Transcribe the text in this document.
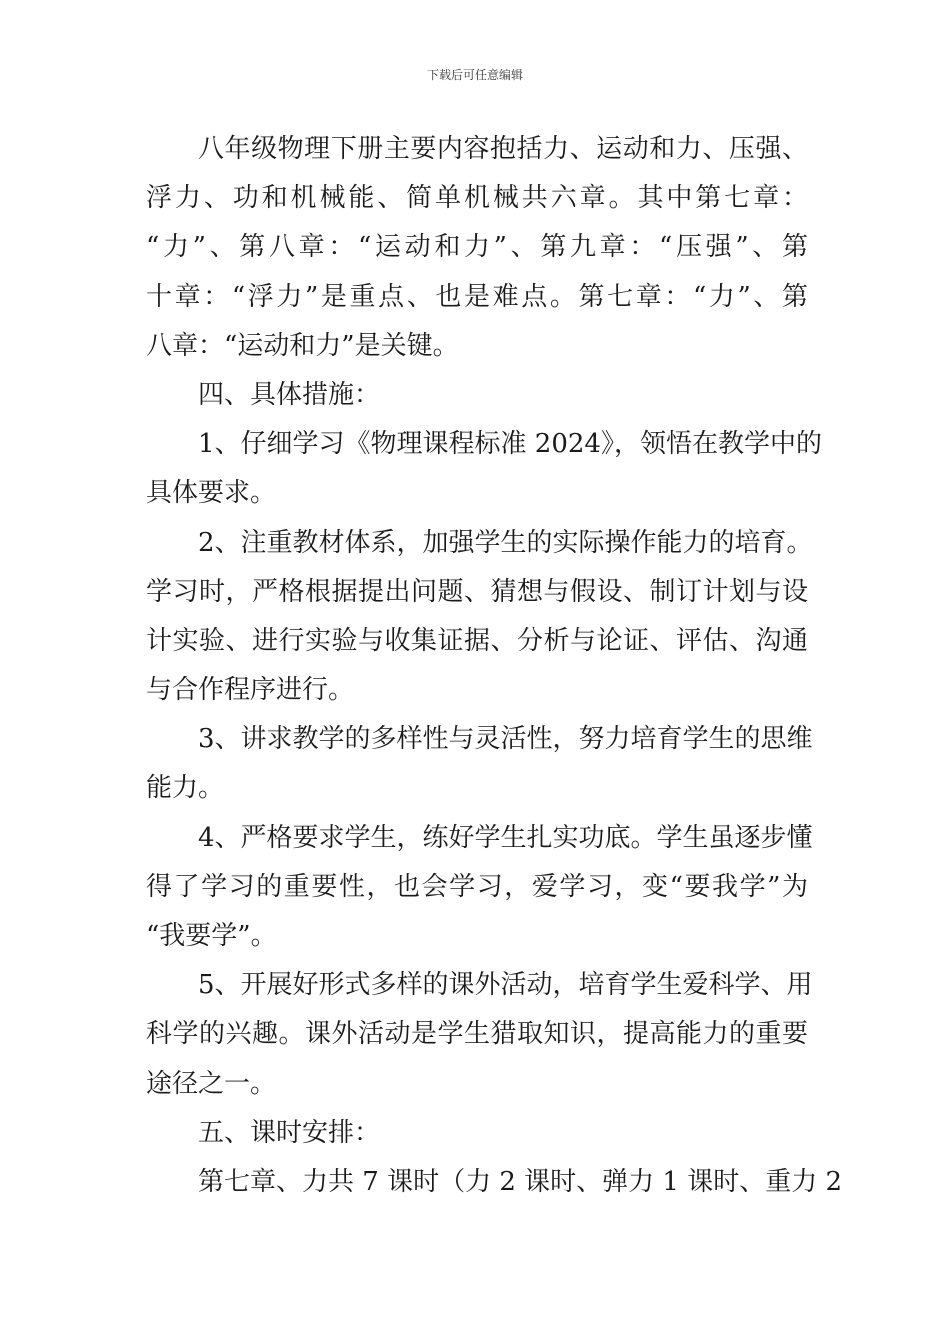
下载后可任意编辑
八年级物理下册主要内容抱括力、运动和力、压强、
浮力、功和机械能、简单机械共六章。其中第七章：
“力”、第八章：“运动和力”、第九章：“压强”、第
十章：“浮力”是重点、也是难点。第七章：“力”、第
八章：“运动和力”是关键。
四、具体措施：
1、仔细学习《物理课程标准 2024》，领悟在教学中的
具体要求。
2、注重教材体系，加强学生的实际操作能力的培育。
学习时，严格根据提出问题、猜想与假设、制订计划与设
计实验、进行实验与收集证据、分析与论证、评估、沟通
与合作程序进行。
3、讲求教学的多样性与灵活性，努力培育学生的思维
能力。
4、严格要求学生，练好学生扎实功底。学生虽逐步懂
得了学习的重要性，也会学习，爱学习，变“要我学”为
“我要学”。
5、开展好形式多样的课外活动，培育学生爱科学、用
科学的兴趣。课外活动是学生猎取知识，提高能力的重要
途径之一。
五、课时安排：
第七章、力共 7 课时（力 2 课时、弹力 1 课时、重力 2
